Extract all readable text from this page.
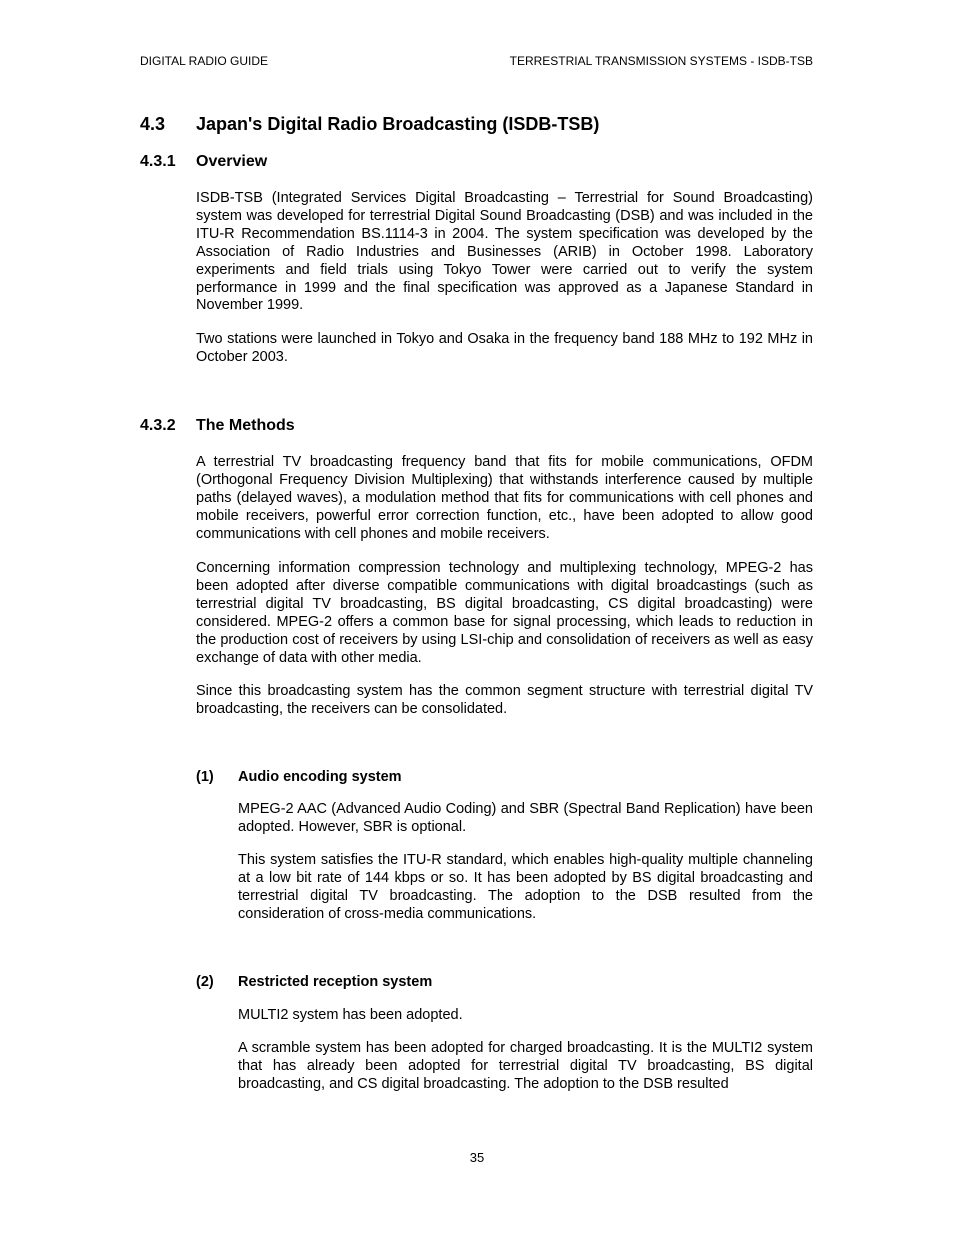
DIGITAL RADIO GUIDE	TERRESTRIAL TRANSMISSION SYSTEMS - ISDB-TSB
4.3	Japan's Digital Radio Broadcasting (ISDB-TSB)
4.3.1	Overview

ISDB-TSB (Integrated Services Digital Broadcasting – Terrestrial for Sound Broadcasting) system was developed for terrestrial Digital Sound Broadcasting (DSB) and was included in the ITU-R Recommendation BS.1114-3 in 2004. The system specification was developed by the Association of Radio Industries and Businesses (ARIB) in October 1998. Laboratory experiments and field trials using Tokyo Tower were carried out to verify the system performance in 1999 and the final specification was approved as a Japanese Standard in November 1999.

Two stations were launched in Tokyo and Osaka in the frequency band 188 MHz to 192 MHz in October 2003.

4.3.2	The Methods

A terrestrial TV broadcasting frequency band that fits for mobile communications, OFDM (Orthogonal Frequency Division Multiplexing) that withstands interference caused by multiple paths (delayed waves), a modulation method that fits for communications with cell phones and mobile receivers, powerful error correction function, etc., have been adopted to allow good communications with cell phones and mobile receivers.

Concerning information compression technology and multiplexing technology, MPEG-2 has been adopted after diverse compatible communications with digital broadcastings (such as terrestrial digital TV broadcasting, BS digital broadcasting, CS digital broadcasting) were considered. MPEG-2 offers a common base for signal processing, which leads to reduction in the production cost of receivers by using LSI-chip and consolidation of receivers as well as easy exchange of data with other media.

Since this broadcasting system has the common segment structure with terrestrial digital TV broadcasting, the receivers can be consolidated.

(1)	Audio encoding system

MPEG-2 AAC (Advanced Audio Coding) and SBR (Spectral Band Replication) have been adopted. However, SBR is optional.

This system satisfies the ITU-R standard, which enables high-quality multiple channeling at a low bit rate of 144 kbps or so. It has been adopted by BS digital broadcasting and terrestrial digital TV broadcasting. The adoption to the DSB resulted from the consideration of cross-media communications.

(2)	Restricted reception system

MULTI2 system has been adopted.

A scramble system has been adopted for charged broadcasting. It is the MULTI2 system that has already been adopted for terrestrial digital TV broadcasting, BS digital broadcasting, and CS digital broadcasting. The adoption to the DSB resulted

35
